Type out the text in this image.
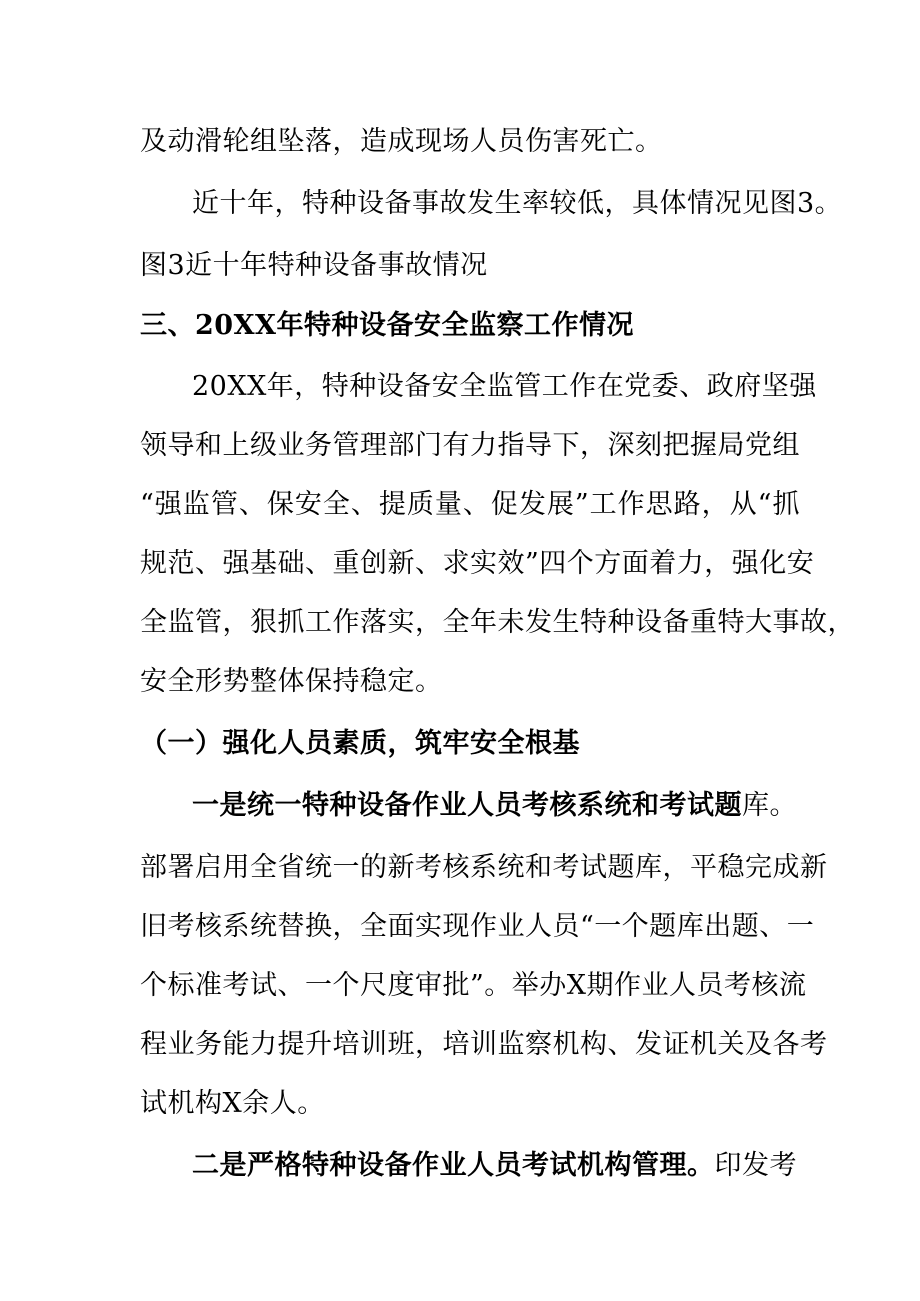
及动滑轮组坠落，造成现场人员伤害死亡。
近十年，特种设备事故发生率较低，具体情况见图3。
图3近十年特种设备事故情况
三、20XX年特种设备安全监察工作情况
20XX年，特种设备安全监管工作在党委、政府坚强
领导和上级业务管理部门有力指导下，深刻把握局党组
“强监管、保安全、提质量、促发展”工作思路，从“抓
规范、强基础、重创新、求实效”四个方面着力，强化安
全监管，狠抓工作落实，全年未发生特种设备重特大事故，
安全形势整体保持稳定。
（一）强化人员素质，筑牢安全根基
一是统一特种设备作业人员考核系统和考试题库。
部署启用全省统一的新考核系统和考试题库，平稳完成新
旧考核系统替换，全面实现作业人员“一个题库出题、一
个标准考试、一个尺度审批”。举办X期作业人员考核流
程业务能力提升培训班，培训监察机构、发证机关及各考
试机构X余人。
二是严格特种设备作业人员考试机构管理。印发考
